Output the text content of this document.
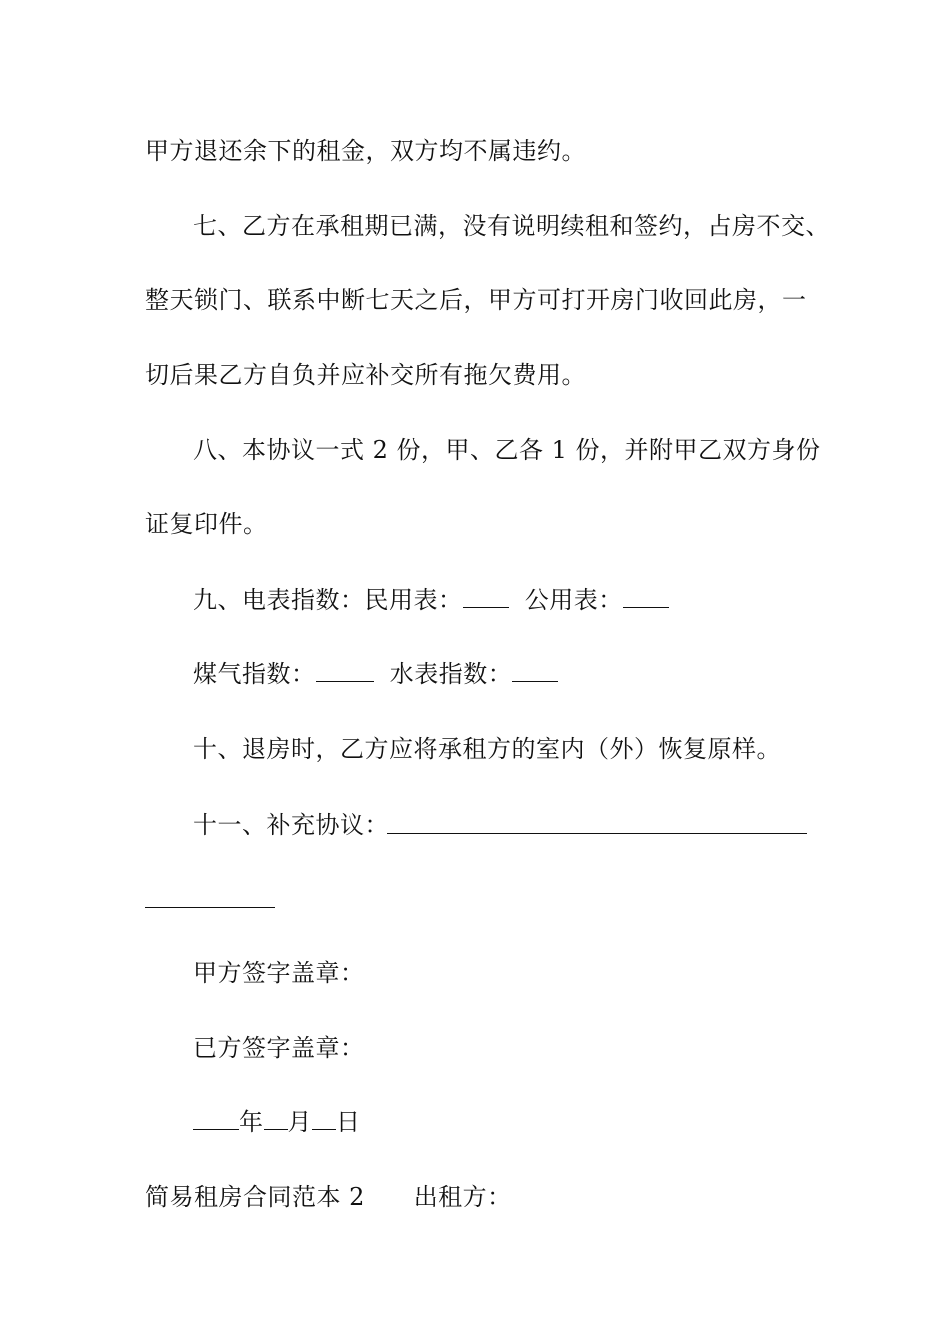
甲方退还余下的租金，双方均不属违约。
七、乙方在承租期已满，没有说明续租和签约，占房不交、
整天锁门、联系中断七天之后，甲方可打开房门收回此房，一
切后果乙方自负并应补交所有拖欠费用。
八、本协议一式 2 份，甲、乙各 1 份，并附甲乙双方身份
证复印件。
九、电表指数：民用表：	公用表：
煤气指数：	水表指数：
十、退房时，乙方应将承租方的室内（外）恢复原样。
十一、补充协议：
甲方签字盖章：
已方签字盖章：
年 月 日
简易租房合同范本 2 出租方：
